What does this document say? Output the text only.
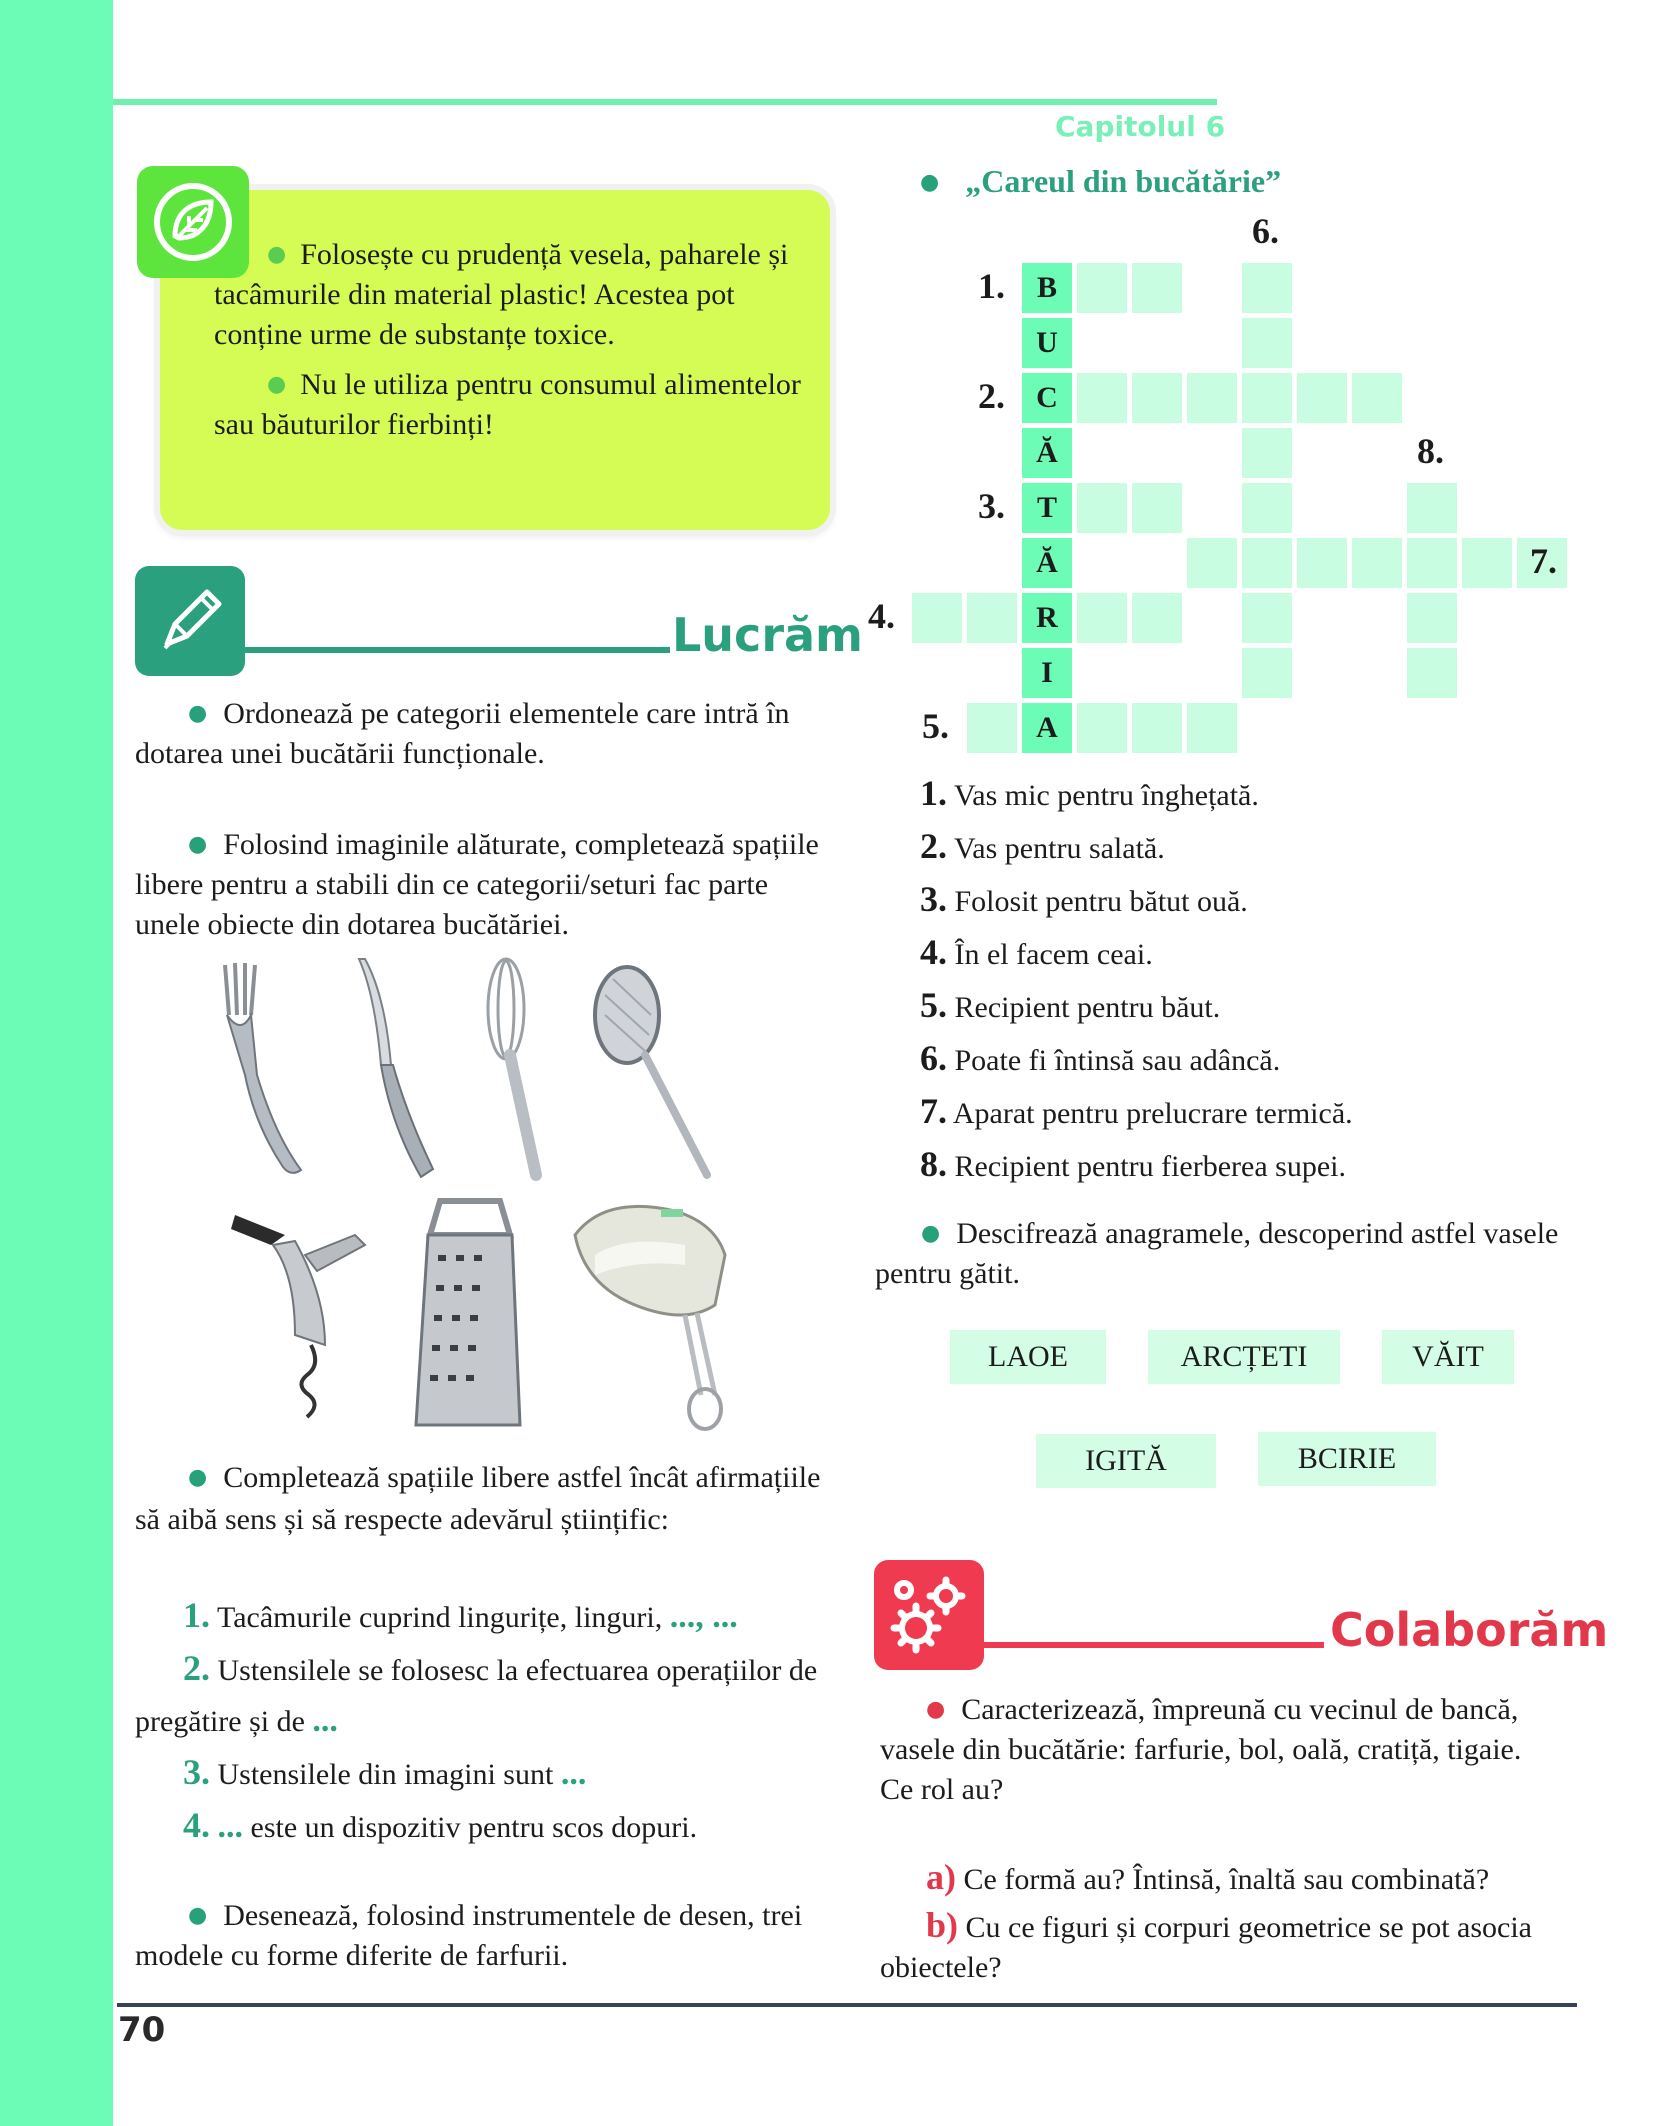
Capitolul 6

● Folosește cu prudență vesela, paharele și tacâmurile din material plastic! Acestea pot conține urme de substanțe toxice.

● Nu le utiliza pentru consumul alimentelor sau băuturilor fierbinți!

Lucrăm
● Ordonează pe categorii elementele care intră în dotarea unei bucătării funcționale.
● Folosind imaginile alăturate, completează spațiile libere pentru a stabili din ce categorii/seturi fac parte unele obiecte din dotarea bucătăriei.
● Completează spațiile libere astfel încât afirmațiile să aibă sens și să respecte adevărul științific:
1. Tacâmurile cuprind lingurițe, linguri, ..., ...
2. Ustensilele se folosesc la efectuarea operațiilor de pregătire și de ...
3. Ustensilele din imagini sunt ...
4. ... este un dispozitiv pentru scos dopuri.
● Desenează, folosind instrumentele de desen, trei modele cu forme diferite de farfurii.
● „Careul din bucătărie”
B
U
C
Ă
T
Ă
R
I
A
1.
2.
3.
4.
5.
6.
7.
8.
1. Vas mic pentru înghețată.
2. Vas pentru salată.
3. Folosit pentru bătut ouă.
4. În el facem ceai.
5. Recipient pentru băut.
6. Poate fi întinsă sau adâncă.
7. Aparat pentru prelucrare termică.
8. Recipient pentru fierberea supei.
● Descifrează anagramele, descoperind astfel vasele pentru gătit.
LAOE	ARCȚETI	VĂIT
IGITĂ	BCIRIE
Colaborăm
● Caracterizează, împreună cu vecinul de bancă, vasele din bucătărie: farfurie, bol, oală, cratiță, tigaie. Ce rol au?
a) Ce formă au? Întinsă, înaltă sau combinată?
b) Cu ce figuri și corpuri geometrice se pot asocia obiectele?
70
